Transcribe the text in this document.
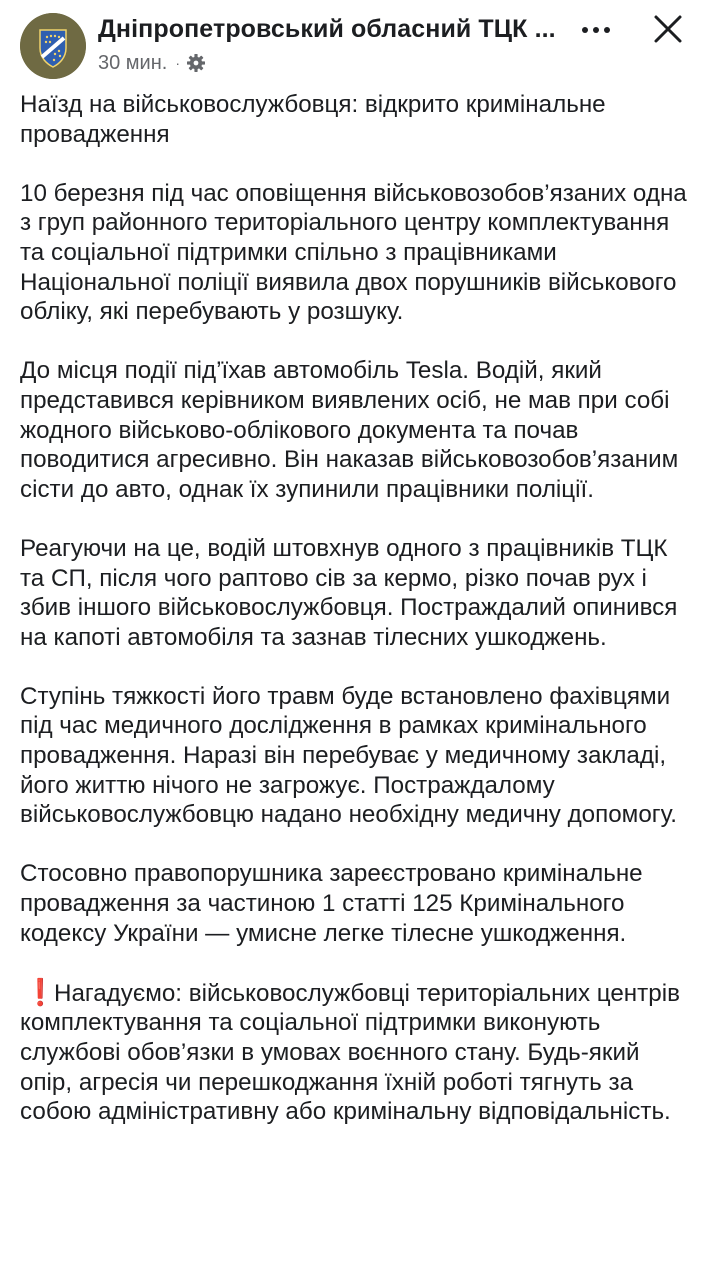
Дніпропетровський обласний ТЦК ...
30 мин. ·

Наїзд на військовослужбовця: відкрито кримінальне провадження

10 березня під час оповіщення військовозобов’язаних одна з груп районного територіального центру комплектування та соціальної підтримки спільно з працівниками Національної поліції виявила двох порушників військового обліку, які перебувають у розшуку.

До місця події під’їхав автомобіль Tesla. Водій, який представився керівником виявлених осіб, не мав при собі жодного військово-облікового документа та почав поводитися агресивно. Він наказав військовозобов’язаним сісти до авто, однак їх зупинили працівники поліції.

Реагуючи на це, водій штовхнув одного з працівників ТЦК та СП, після чого раптово сів за кермо, різко почав рух і збив іншого військовослужбовця. Постраждалий опинився на капоті автомобіля та зазнав тілесних ушкоджень.

Ступінь тяжкості його травм буде встановлено фахівцями під час медичного дослідження в рамках кримінального провадження. Наразі він перебуває у медичному закладі, його життю нічого не загрожує. Постраждалому військовослужбовцю надано необхідну медичну допомогу.

Стосовно правопорушника зареєстровано кримінальне провадження за частиною 1 статті 125 Кримінального кодексу України — умисне легке тілесне ушкодження.

❗Нагадуємо: військовослужбовці територіальних центрів комплектування та соціальної підтримки виконують службові обов’язки в умовах воєнного стану. Будь-який опір, агресія чи перешкоджання їхній роботі тягнуть за собою адміністративну або кримінальну відповідальність.
